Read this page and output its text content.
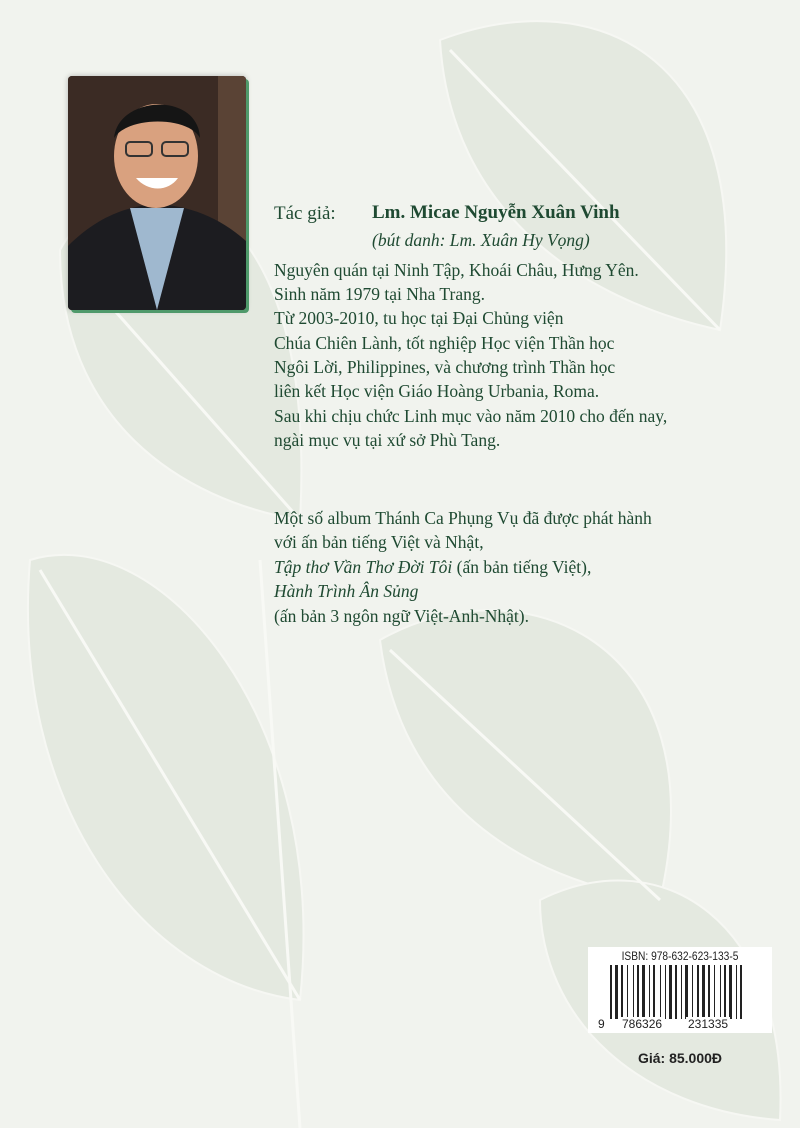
Tác giả: Lm. Micae Nguyễn Xuân Vinh
(bút danh: Lm. Xuân Hy Vọng)
Nguyên quán tại Ninh Tập, Khoái Châu, Hưng Yên.
Sinh năm 1979 tại Nha Trang.
Từ 2003-2010, tu học tại Đại Chủng viện
Chúa Chiên Lành, tốt nghiệp Học viện Thần học
Ngôi Lời, Philippines, và chương trình Thần học
liên kết Học viện Giáo Hoàng Urbania, Roma.
Sau khi chịu chức Linh mục vào năm 2010 cho đến nay,
ngài mục vụ tại xứ sở Phù Tang.
Một số album Thánh Ca Phụng Vụ đã được phát hành
với ấn bản tiếng Việt và Nhật,
Tập thơ Vần Thơ Đời Tôi (ấn bản tiếng Việt),
Hành Trình Ân Sủng
(ấn bản 3 ngôn ngữ Việt-Anh-Nhật).
ISBN: 978-632-623-133-5
9 786326 231335
Giá: 85.000Đ
